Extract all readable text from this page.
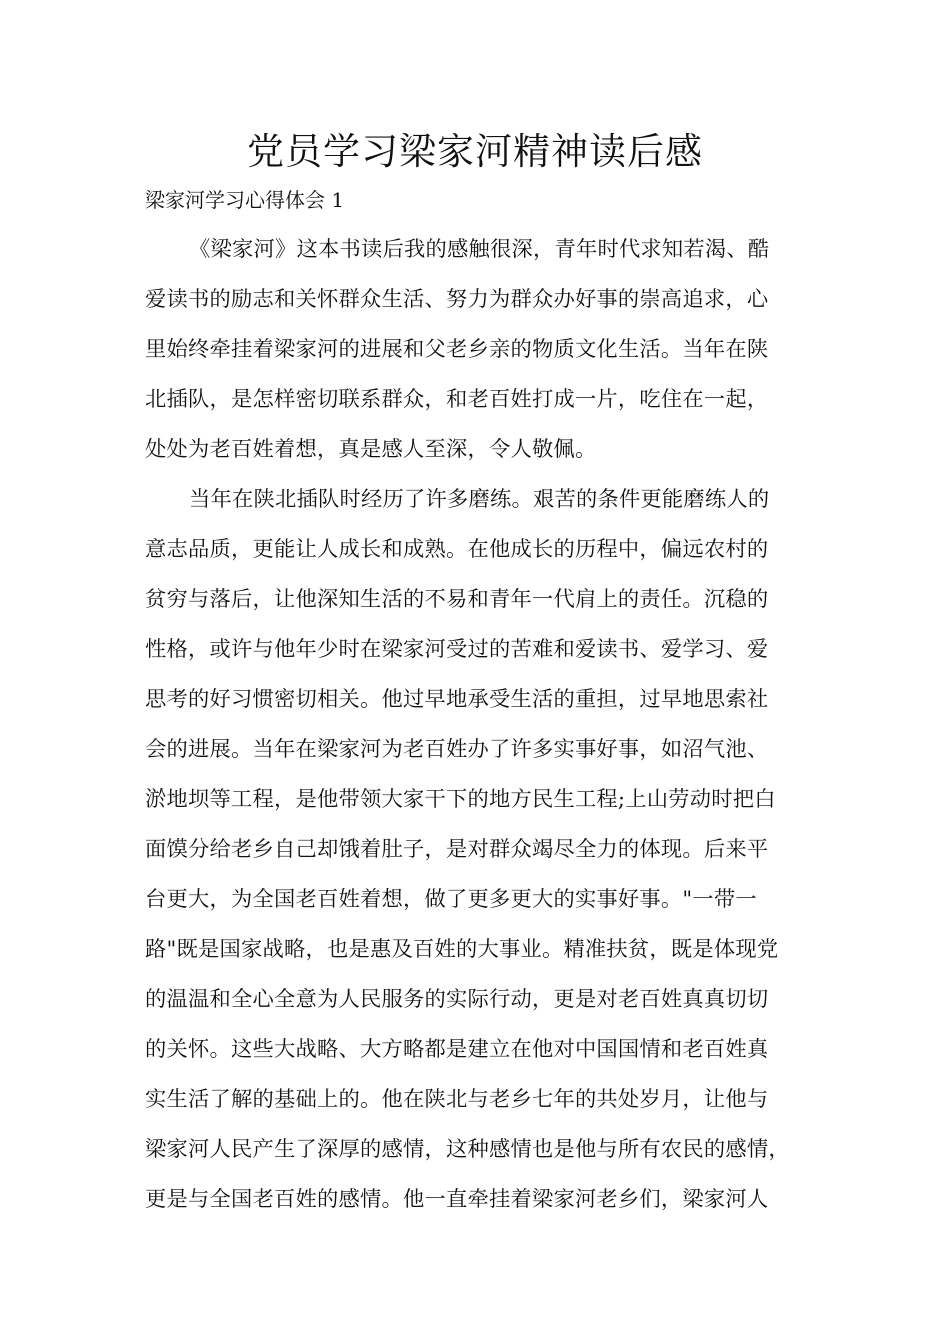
党员学习梁家河精神读后感

梁家河学习心得体会 1

《梁家河》这本书读后我的感触很深，青年时代求知若渴、酷

爱读书的励志和关怀群众生活、努力为群众办好事的崇高追求，心

里始终牵挂着梁家河的进展和父老乡亲的物质文化生活。当年在陕

北插队，是怎样密切联系群众，和老百姓打成一片，吃住在一起，

处处为老百姓着想，真是感人至深，令人敬佩。

当年在陕北插队时经历了许多磨练。艰苦的条件更能磨练人的

意志品质，更能让人成长和成熟。在他成长的历程中，偏远农村的

贫穷与落后，让他深知生活的不易和青年一代肩上的责任。沉稳的

性格，或许与他年少时在梁家河受过的苦难和爱读书、爱学习、爱

思考的好习惯密切相关。他过早地承受生活的重担，过早地思索社

会的进展。当年在梁家河为老百姓办了许多实事好事，如沼气池、

淤地坝等工程，是他带领大家干下的地方民生工程;上山劳动时把白

面馍分给老乡自己却饿着肚子，是对群众竭尽全力的体现。后来平

台更大，为全国老百姓着想，做了更多更大的实事好事。"一带一

路"既是国家战略，也是惠及百姓的大事业。精准扶贫，既是体现党

的温温和全心全意为人民服务的实际行动，更是对老百姓真真切切

的关怀。这些大战略、大方略都是建立在他对中国国情和老百姓真

实生活了解的基础上的。他在陕北与老乡七年的共处岁月，让他与

梁家河人民产生了深厚的感情，这种感情也是他与所有农民的感情，

更是与全国老百姓的感情。他一直牵挂着梁家河老乡们，梁家河人
